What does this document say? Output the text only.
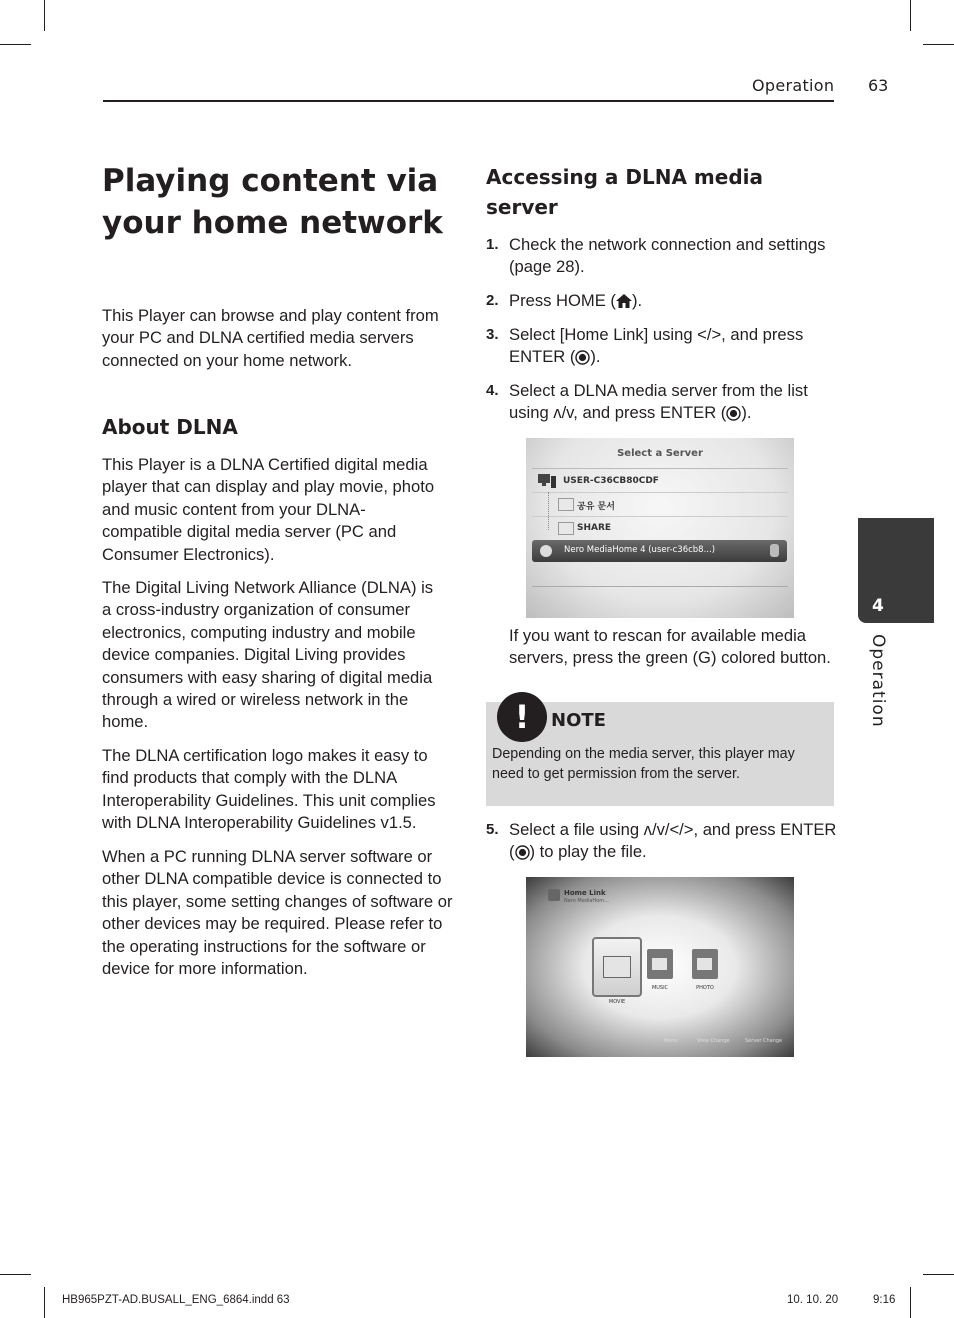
Operation 63
Playing content via your home network
This Player can browse and play content from your PC and DLNA certified media servers connected on your home network.
About DLNA
This Player is a DLNA Certified digital media player that can display and play movie, photo and music content from your DLNA-compatible digital media server (PC and Consumer Electronics).
The Digital Living Network Alliance (DLNA) is a cross-industry organization of consumer electronics, computing industry and mobile device companies. Digital Living provides consumers with easy sharing of digital media through a wired or wireless network in the home.
The DLNA certification logo makes it easy to find products that comply with the DLNA Interoperability Guidelines. This unit complies with DLNA Interoperability Guidelines v1.5.
When a PC running DLNA server software or other DLNA compatible device is connected to this player, some setting changes of software or other devices may be required. Please refer to the operating instructions for the software or device for more information.
Accessing a DLNA media server
1. Check the network connection and settings (page 28).
2. Press HOME ( ).
3. Select [Home Link] using </>, and press ENTER ( ).
4. Select a DLNA media server from the list using ʌ/v, and press ENTER ( ).
Select a Server
USER-C36CB80CDF
공유 문서
SHARE
Nero MediaHome 4 (user-c36cb8...)
If you want to rescan for available media servers, press the green (G) colored button.
!	NOTE
Depending on the media server, this player may need to get permission from the server.
5. Select a file using ʌ/v/</>, and press ENTER ( ) to play the file.
Home Link
Nero MediaHom...
MOVIE
MUSIC	PHOTO
Menu	View Change	Server Change
4
Operation
HB965PZT-AD.BUSALL_ENG_6864.indd 63	10. 10. 20	9:16
